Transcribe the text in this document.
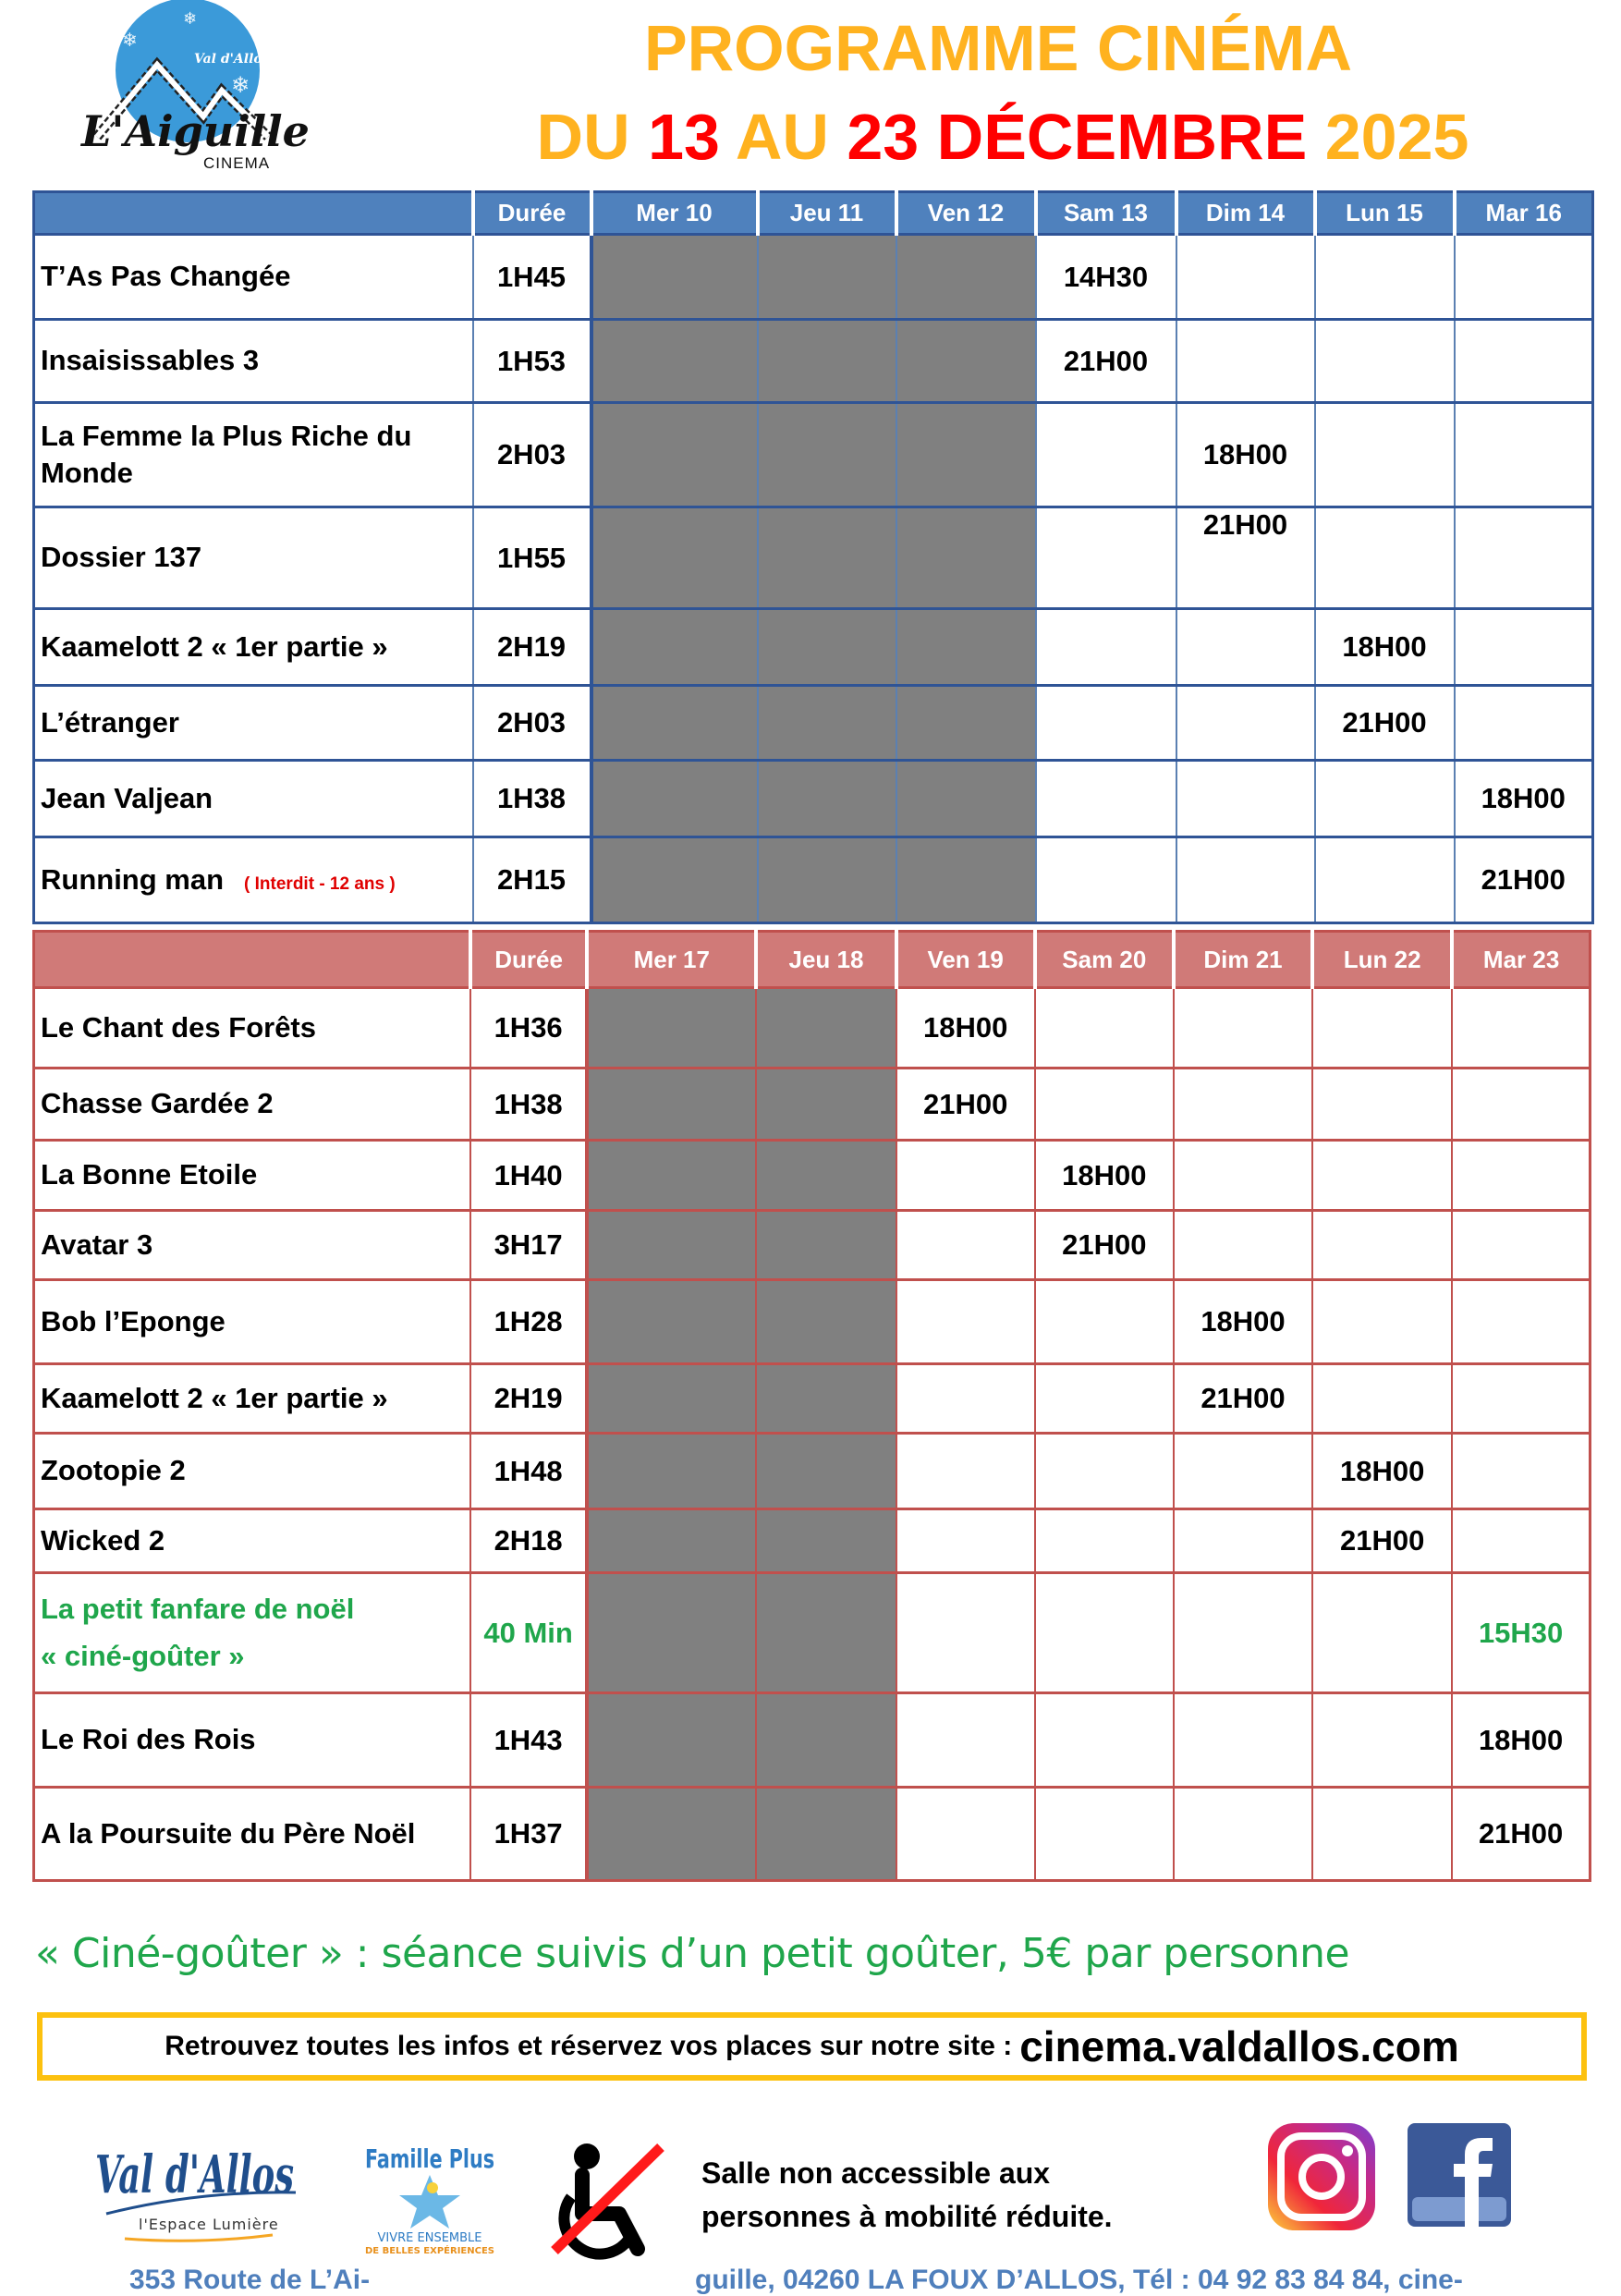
❄
❄
❄
Val d'Allos
L'Aiguille
CINEMA
PROGRAMME CINÉMA
DU 13 AU 23 DÉCEMBRE 2025
	Durée	Mer 10	Jeu 11	Ven 12	Sam 13	Dim 14	Lun 15	Mar 16
T’As Pas Changée	1H45				14H30			
Insaisissables 3	1H53				21H00			
La Femme la Plus Riche du Monde	2H03					18H00		
Dossier 137	1H55					21H00		
Kaamelott 2 « 1er partie »	2H19						18H00	
L’étranger	2H03						21H00	
Jean Valjean	1H38							18H00
Running man ( Interdit - 12 ans )	2H15							21H00
	Durée	Mer 17	Jeu 18	Ven 19	Sam 20	Dim 21	Lun 22	Mar 23
Le Chant des Forêts	1H36			18H00				
Chasse Gardée 2	1H38			21H00				
La Bonne Etoile	1H40				18H00			
Avatar 3	3H17				21H00			
Bob l’Eponge	1H28					18H00		
Kaamelott 2 « 1er partie »	2H19					21H00		
Zootopie 2	1H48						18H00	
Wicked 2	2H18						21H00	
La petit fanfare de noël
« ciné-goûter »	40 Min							15H30
Le Roi des Rois	1H43							18H00
A la Poursuite du Père Noël	1H37							21H00
« Ciné-goûter » : séance suivis d’un petit goûter, 5€ par personne
Retrouvez toutes les infos et réservez vos places sur notre site : cinema.valdallos.com
Val d'Allos
l'Espace Lumière
Famille Plus
VIVRE ENSEMBLE
DE BELLES EXPÉRIENCES
Salle non accessible aux
personnes à mobilité réduite.
353 Route de L’Ai-	guille, 04260 LA FOUX D’ALLOS, Tél : 04 92 83 84 84, cine-
